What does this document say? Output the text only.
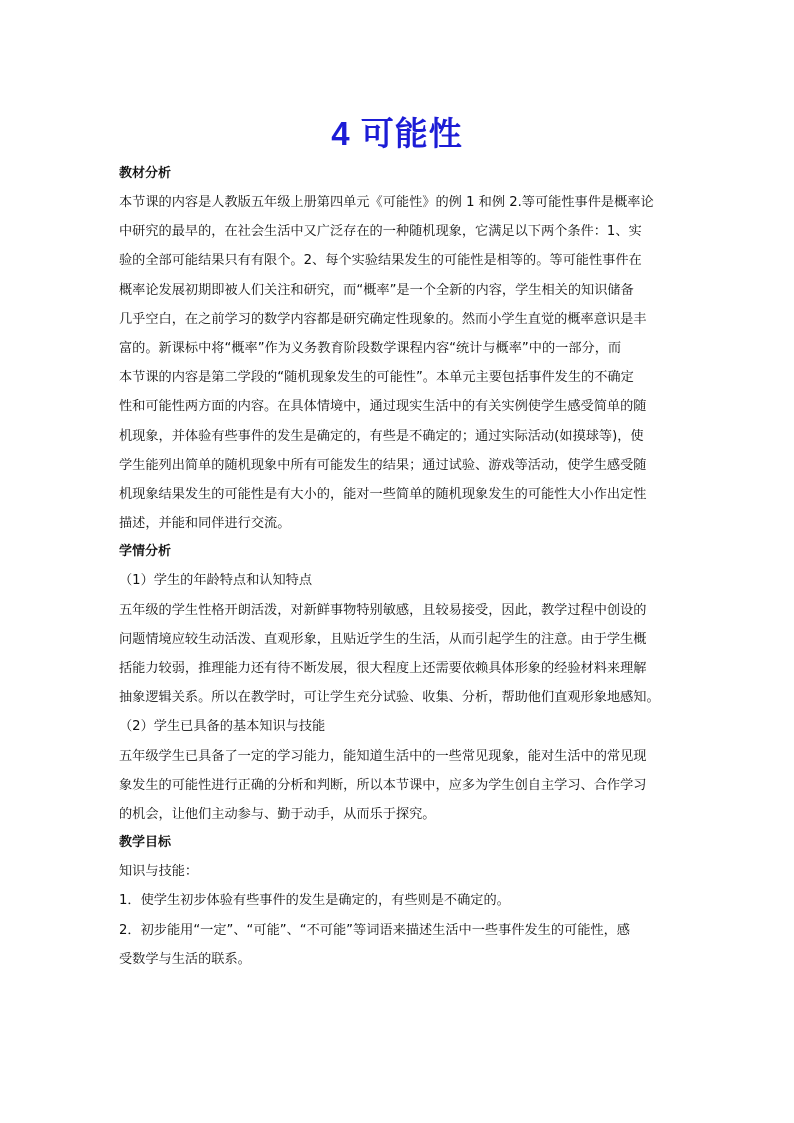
4 可能性
教材分析
本节课的内容是人教版五年级上册第四单元《可能性》的例 1 和例 2.等可能性事件是概率论
中研究的最早的，在社会生活中又广泛存在的一种随机现象，它满足以下两个条件：1、实
验的全部可能结果只有有限个。2、每个实验结果发生的可能性是相等的。等可能性事件在
概率论发展初期即被人们关注和研究，而“概率”是一个全新的内容，学生相关的知识储备
几乎空白，在之前学习的数学内容都是研究确定性现象的。然而小学生直觉的概率意识是丰
富的。新课标中将“概率”作为义务教育阶段数学课程内容“统计与概率”中的一部分，而
本节课的内容是第二学段的“随机现象发生的可能性”。本单元主要包括事件发生的不确定
性和可能性两方面的内容。在具体情境中，通过现实生活中的有关实例使学生感受简单的随
机现象，并体验有些事件的发生是确定的，有些是不确定的；通过实际活动(如摸球等)，使
学生能列出简单的随机现象中所有可能发生的结果；通过试验、游戏等活动，使学生感受随
机现象结果发生的可能性是有大小的，能对一些简单的随机现象发生的可能性大小作出定性
描述，并能和同伴进行交流。
学情分析
（1）学生的年龄特点和认知特点
五年级的学生性格开朗活泼，对新鲜事物特别敏感，且较易接受，因此，教学过程中创设的
问题情境应较生动活泼、直观形象，且贴近学生的生活，从而引起学生的注意。由于学生概
括能力较弱，推理能力还有待不断发展，很大程度上还需要依赖具体形象的经验材料来理解
抽象逻辑关系。所以在教学时，可让学生充分试验、收集、分析，帮助他们直观形象地感知。
（2）学生已具备的基本知识与技能
五年级学生已具备了一定的学习能力，能知道生活中的一些常见现象，能对生活中的常见现
象发生的可能性进行正确的分析和判断，所以本节课中，应多为学生创自主学习、合作学习
的机会，让他们主动参与、勤于动手，从而乐于探究。
教学目标
知识与技能：
1．使学生初步体验有些事件的发生是确定的，有些则是不确定的。
2．初步能用“一定”、“可能”、“不可能”等词语来描述生活中一些事件发生的可能性，感
受数学与生活的联系。
